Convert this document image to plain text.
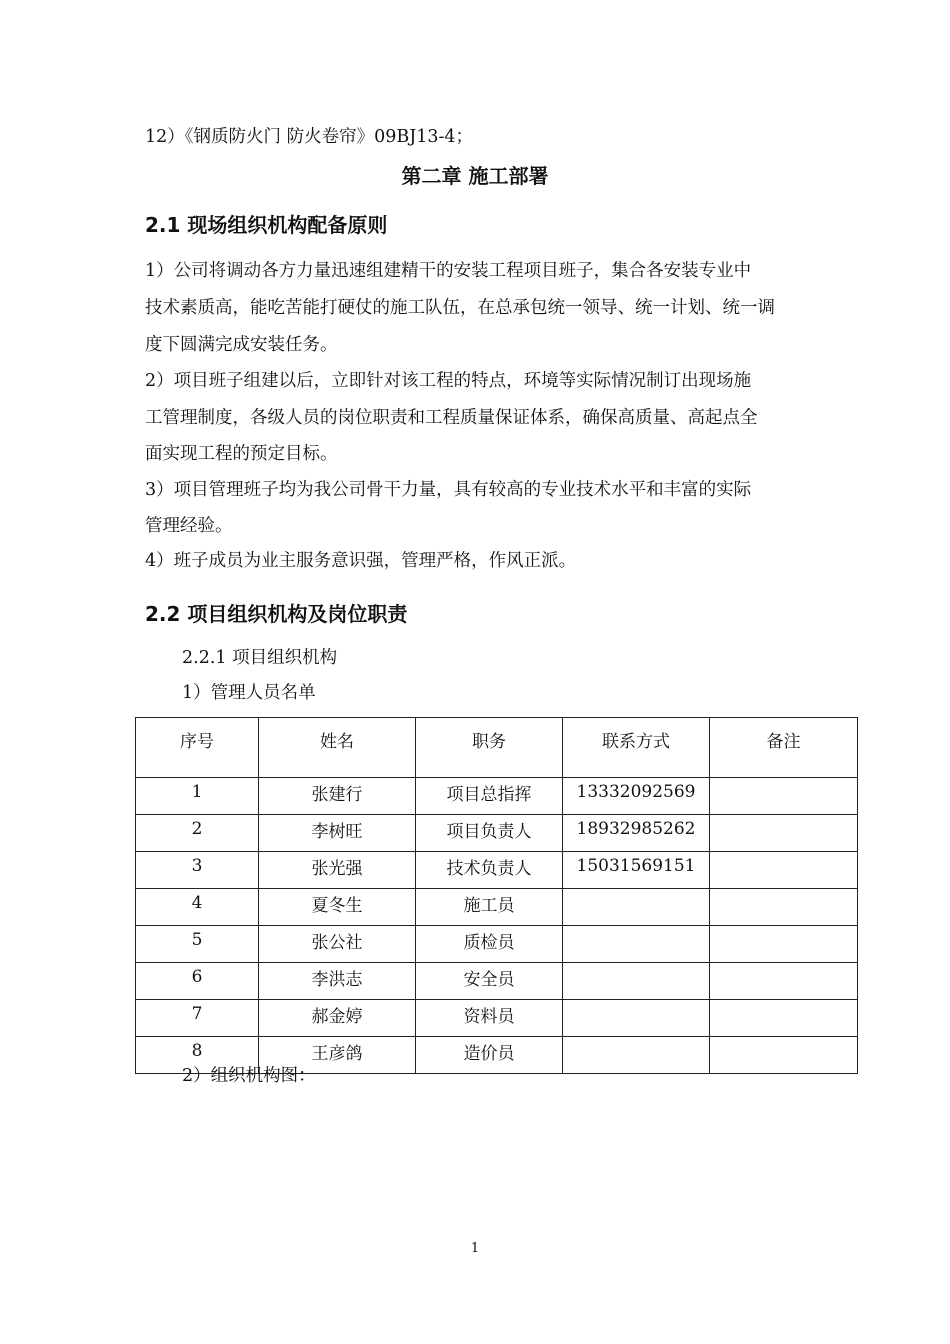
12）《钢质防火门 防火卷帘》09BJ13-4；
第二章 施工部署
2.1 现场组织机构配备原则
1）公司将调动各方力量迅速组建精干的安装工程项目班子，集合各安装专业中
技术素质高，能吃苦能打硬仗的施工队伍，在总承包统一领导、统一计划、统一调
度下圆满完成安装任务。
2）项目班子组建以后，立即针对该工程的特点，环境等实际情况制订出现场施
工管理制度，各级人员的岗位职责和工程质量保证体系，确保高质量、高起点全
面实现工程的预定目标。
3）项目管理班子均为我公司骨干力量，具有较高的专业技术水平和丰富的实际
管理经验。
4）班子成员为业主服务意识强，管理严格，作风正派。
2.2 项目组织机构及岗位职责
2.2.1 项目组织机构
1）管理人员名单
序号	姓名	职务	联系方式	备注
1	张建行	项目总指挥	13332092569	
2	李树旺	项目负责人	18932985262	
3	张光强	技术负责人	15031569151	
4	夏冬生	施工员		
5	张公社	质检员		
6	李洪志	安全员		
7	郝金婷	资料员		
8	王彦鸽	造价员		
2）组织机构图：
1
